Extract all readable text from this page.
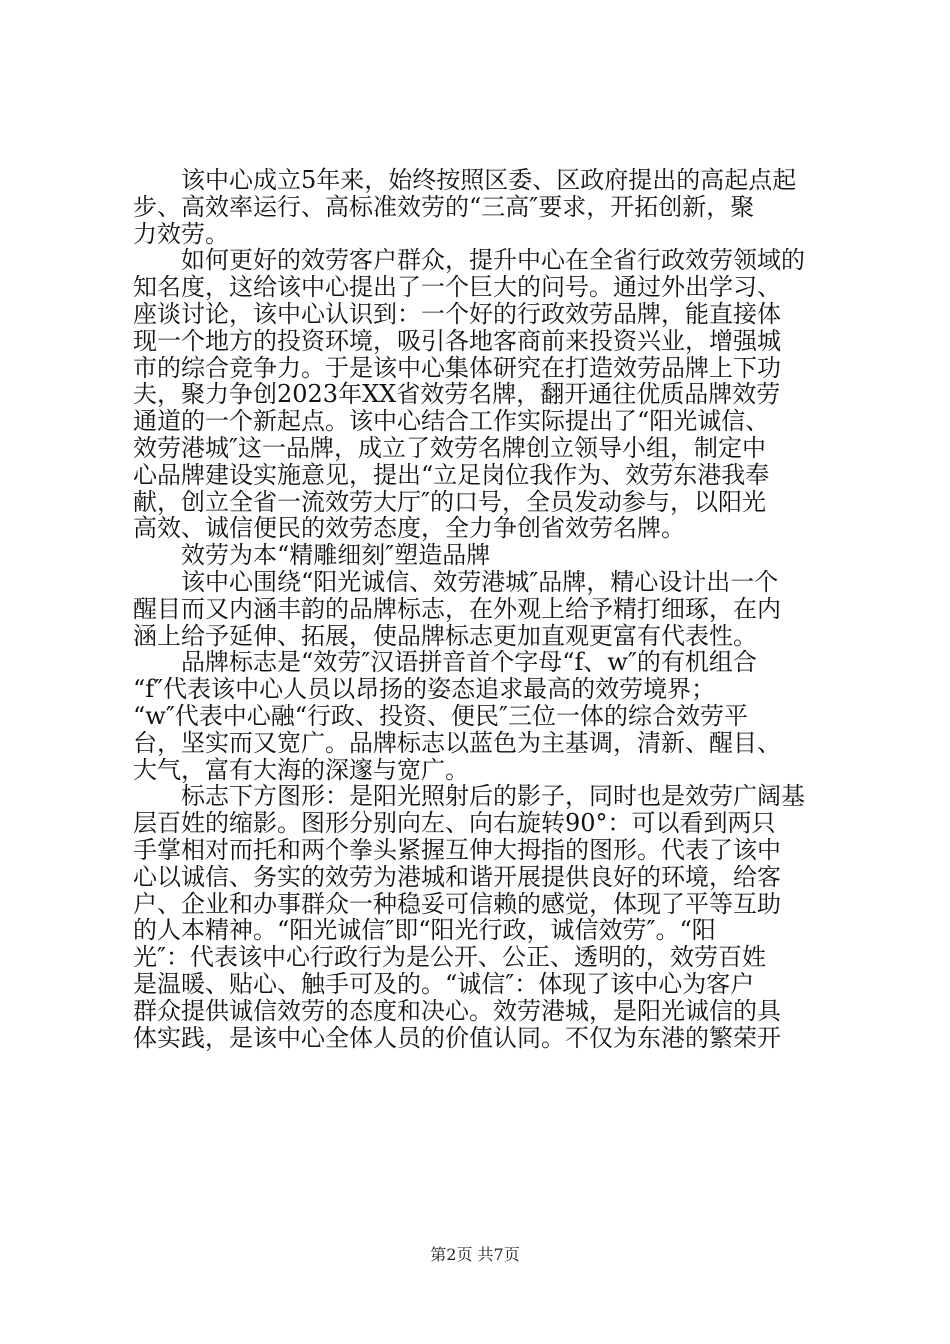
该中心成立5年来，始终按照区委、区政府提出的高起点起
步、高效率运行、高标准效劳的“三高″要求，开拓创新，聚
力效劳。
如何更好的效劳客户群众，提升中心在全省行政效劳领域的
知名度，这给该中心提出了一个巨大的问号。通过外出学习、
座谈讨论，该中心认识到：一个好的行政效劳品牌，能直接体
现一个地方的投资环境，吸引各地客商前来投资兴业，增强城
市的综合竞争力。于是该中心集体研究在打造效劳品牌上下功
夫，聚力争创2023年XX省效劳名牌，翻开通往优质品牌效劳
通道的一个新起点。该中心结合工作实际提出了“阳光诚信、
效劳港城″这一品牌，成立了效劳名牌创立领导小组，制定中
心品牌建设实施意见，提出“立足岗位我作为、效劳东港我奉
献，创立全省一流效劳大厅″的口号，全员发动参与，以阳光
高效、诚信便民的效劳态度，全力争创省效劳名牌。
效劳为本“精雕细刻″塑造品牌
该中心围绕“阳光诚信、效劳港城″品牌，精心设计出一个
醒目而又内涵丰韵的品牌标志，在外观上给予精打细琢，在内
涵上给予延伸、拓展，使品牌标志更加直观更富有代表性。
品牌标志是“效劳″汉语拼音首个字母“f、w″的有机组合
“f″代表该中心人员以昂扬的姿态追求最高的效劳境界；
“w″代表中心融“行政、投资、便民″三位一体的综合效劳平
台，坚实而又宽广。品牌标志以蓝色为主基调，清新、醒目、
大气，富有大海的深邃与宽广。
标志下方图形：是阳光照射后的影子，同时也是效劳广阔基
层百姓的缩影。图形分别向左、向右旋转90°：可以看到两只
手掌相对而托和两个拳头紧握互伸大拇指的图形。代表了该中
心以诚信、务实的效劳为港城和谐开展提供良好的环境，给客
户、企业和办事群众一种稳妥可信赖的感觉，体现了平等互助
的人本精神。“阳光诚信″即“阳光行政，诚信效劳″。“阳
光″：代表该中心行政行为是公开、公正、透明的，效劳百姓
是温暖、贴心、触手可及的。“诚信″：体现了该中心为客户
群众提供诚信效劳的态度和决心。效劳港城，是阳光诚信的具
体实践，是该中心全体人员的价值认同。不仅为东港的繁荣开
第2页 共7页
